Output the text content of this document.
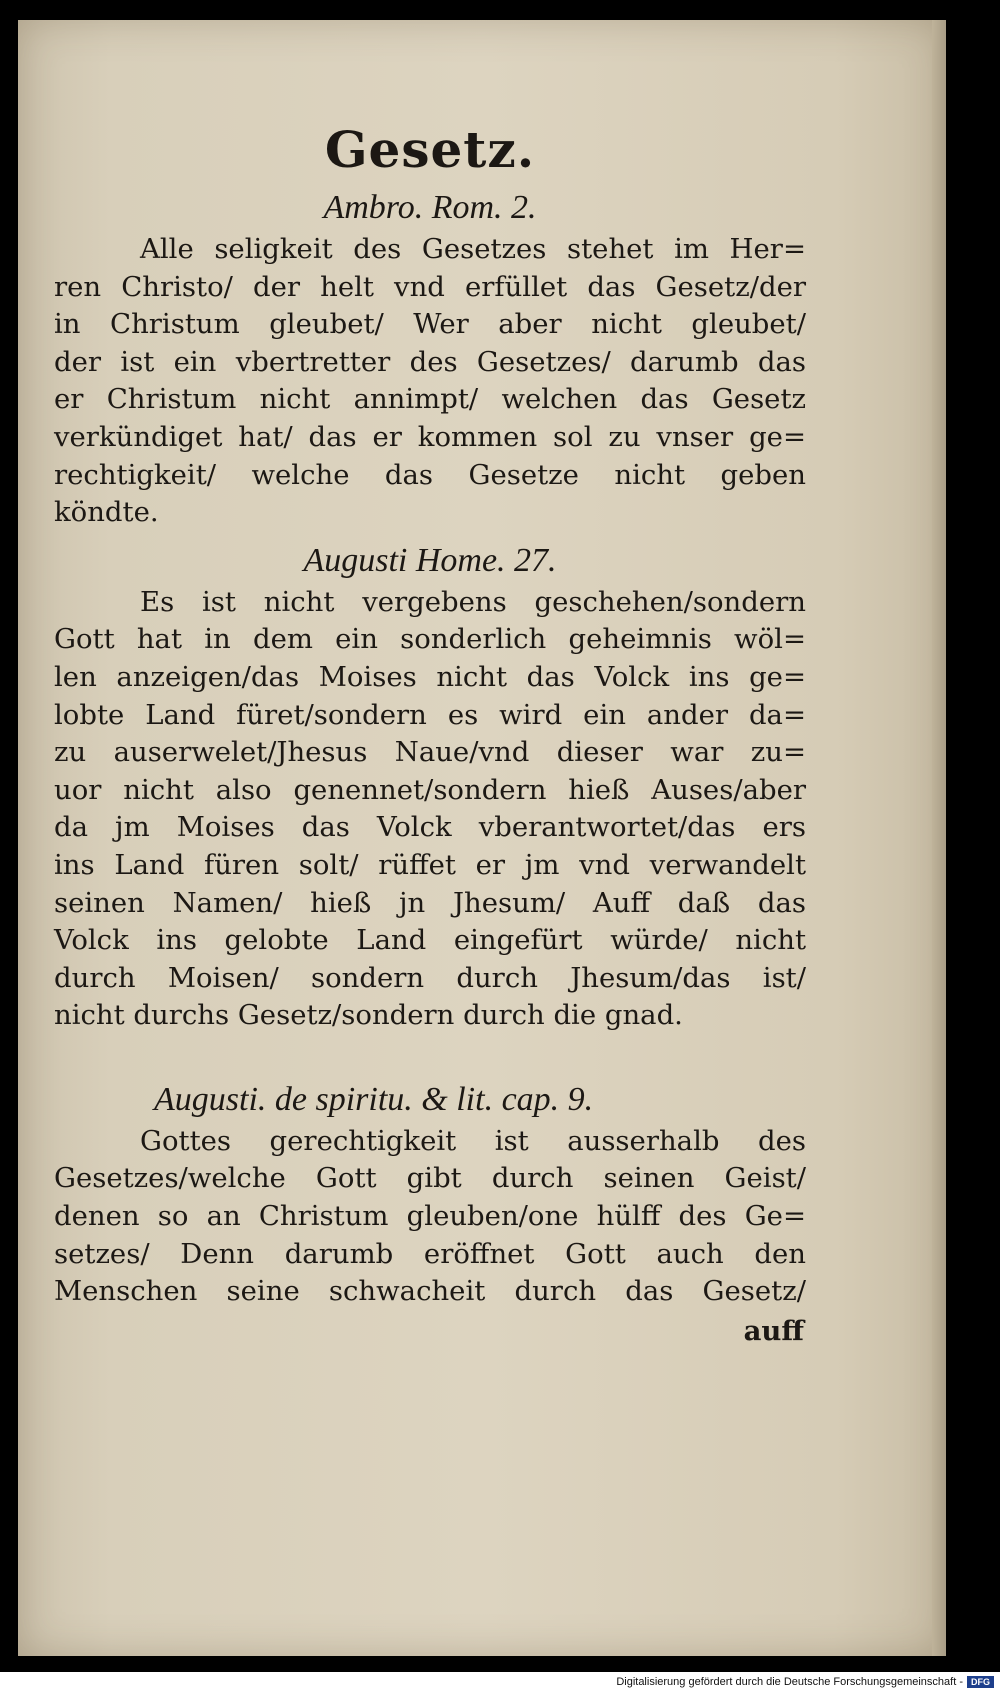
Gesetz.
Ambro. Rom. 2.

Alle seligkeit des Gesetzes stehet im Her=
ren Christo/ der helt vnd erfüllet das Gesetz/der
in Christum gleubet/ Wer aber nicht gleubet/
der ist ein vbertretter des Gesetzes/ darumb das
er Christum nicht annimpt/ welchen das Gesetz
verkündiget hat/ das er kommen sol zu vnser ge=
rechtigkeit/ welche das Gesetze nicht geben
köndte.

Augusti Home. 27.

Es ist nicht vergebens geschehen/sondern
Gott hat in dem ein sonderlich geheimnis wöl=
len anzeigen/das Moises nicht das Volck ins ge=
lobte Land füret/sondern es wird ein ander da=
zu auserwelet/Jhesus Naue/vnd dieser war zu=
uor nicht also genennet/sondern hieß Auses/aber
da jm Moises das Volck vberantwortet/das ers
ins Land füren solt/ rüffet er jm vnd verwandelt
seinen Namen/ hieß jn Jhesum/ Auff daß das
Volck ins gelobte Land eingefürt würde/ nicht
durch Moisen/ sondern durch Jhesum/das ist/
nicht durchs Gesetz/sondern durch die gnad.

Augusti. de spiritu. & lit. cap. 9.

Gottes gerechtigkeit ist ausserhalb des
Gesetzes/welche Gott gibt durch seinen Geist/
denen so an Christum gleuben/one hülff des Ge=
setzes/ Denn darumb eröffnet Gott auch den
Menschen seine schwacheit durch das Gesetz/

auff
Digitalisierung gefördert durch die Deutsche Forschungsgemeinschaft - DFG
